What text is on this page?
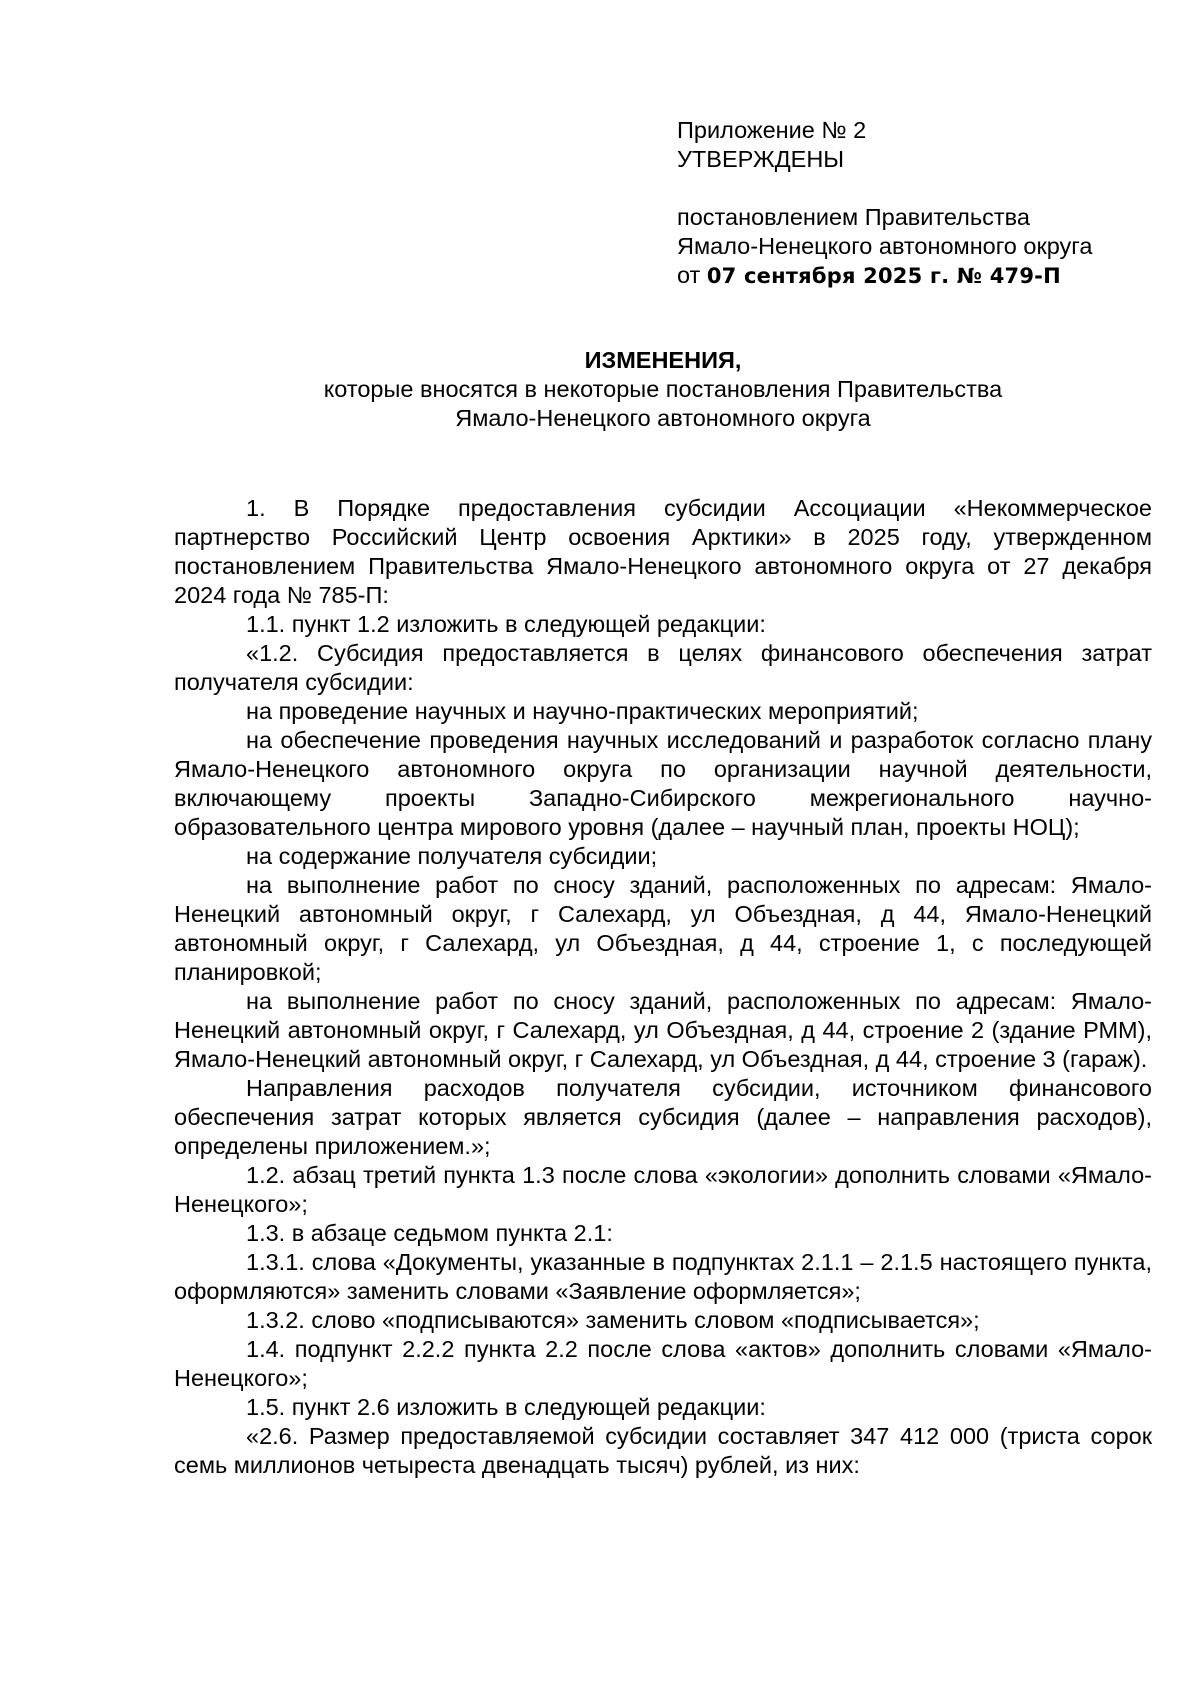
Приложение № 2
УТВЕРЖДЕНЫ
постановлением Правительства
Ямало-Ненецкого автономного округа
от 07 сентября 2025 г. № 479-П
ИЗМЕНЕНИЯ,
которые вносятся в некоторые постановления Правительства
Ямало-Ненецкого автономного округа

1. В Порядке предоставления субсидии Ассоциации «Некоммерческое партнерство Российский Центр освоения Арктики» в 2025 году, утвержденном постановлением Правительства Ямало-Ненецкого автономного округа от 27 декабря 2024 года № 785-П:

1.1. пункт 1.2 изложить в следующей редакции:

«1.2. Субсидия предоставляется в целях финансового обеспечения затрат получателя субсидии:

на проведение научных и научно-практических мероприятий;

на обеспечение проведения научных исследований и разработок согласно плану Ямало-Ненецкого автономного округа по организации научной деятельности, включающему проекты Западно-Сибирского межрегионального научно-образовательного центра мирового уровня (далее – научный план, проекты НОЦ);

на содержание получателя субсидии;

на выполнение работ по сносу зданий, расположенных по адресам: Ямало-Ненецкий автономный округ, г Салехард, ул Объездная, д 44, Ямало-Ненецкий автономный округ, г Салехард, ул Объездная, д 44, строение 1, с последующей планировкой;

на выполнение работ по сносу зданий, расположенных по адресам: Ямало-Ненецкий автономный округ, г Салехард, ул Объездная, д 44, строение 2 (здание РММ), Ямало-Ненецкий автономный округ, г Салехард, ул Объездная, д 44, строение 3 (гараж).

Направления расходов получателя субсидии, источником финансового обеспечения затрат которых является субсидия (далее – направления расходов), определены приложением.»;

1.2. абзац третий пункта 1.3 после слова «экологии» дополнить словами «Ямало-Ненецкого»;

1.3. в абзаце седьмом пункта 2.1:

1.3.1. слова «Документы, указанные в подпунктах 2.1.1 – 2.1.5 настоящего пункта, оформляются» заменить словами «Заявление оформляется»;

1.3.2. слово «подписываются» заменить словом «подписывается»;

1.4. подпункт 2.2.2 пункта 2.2 после слова «актов» дополнить словами «Ямало-Ненецкого»;

1.5. пункт 2.6 изложить в следующей редакции:

«2.6. Размер предоставляемой субсидии составляет 347 412 000 (триста сорок семь миллионов четыреста двенадцать тысяч) рублей, из них:
